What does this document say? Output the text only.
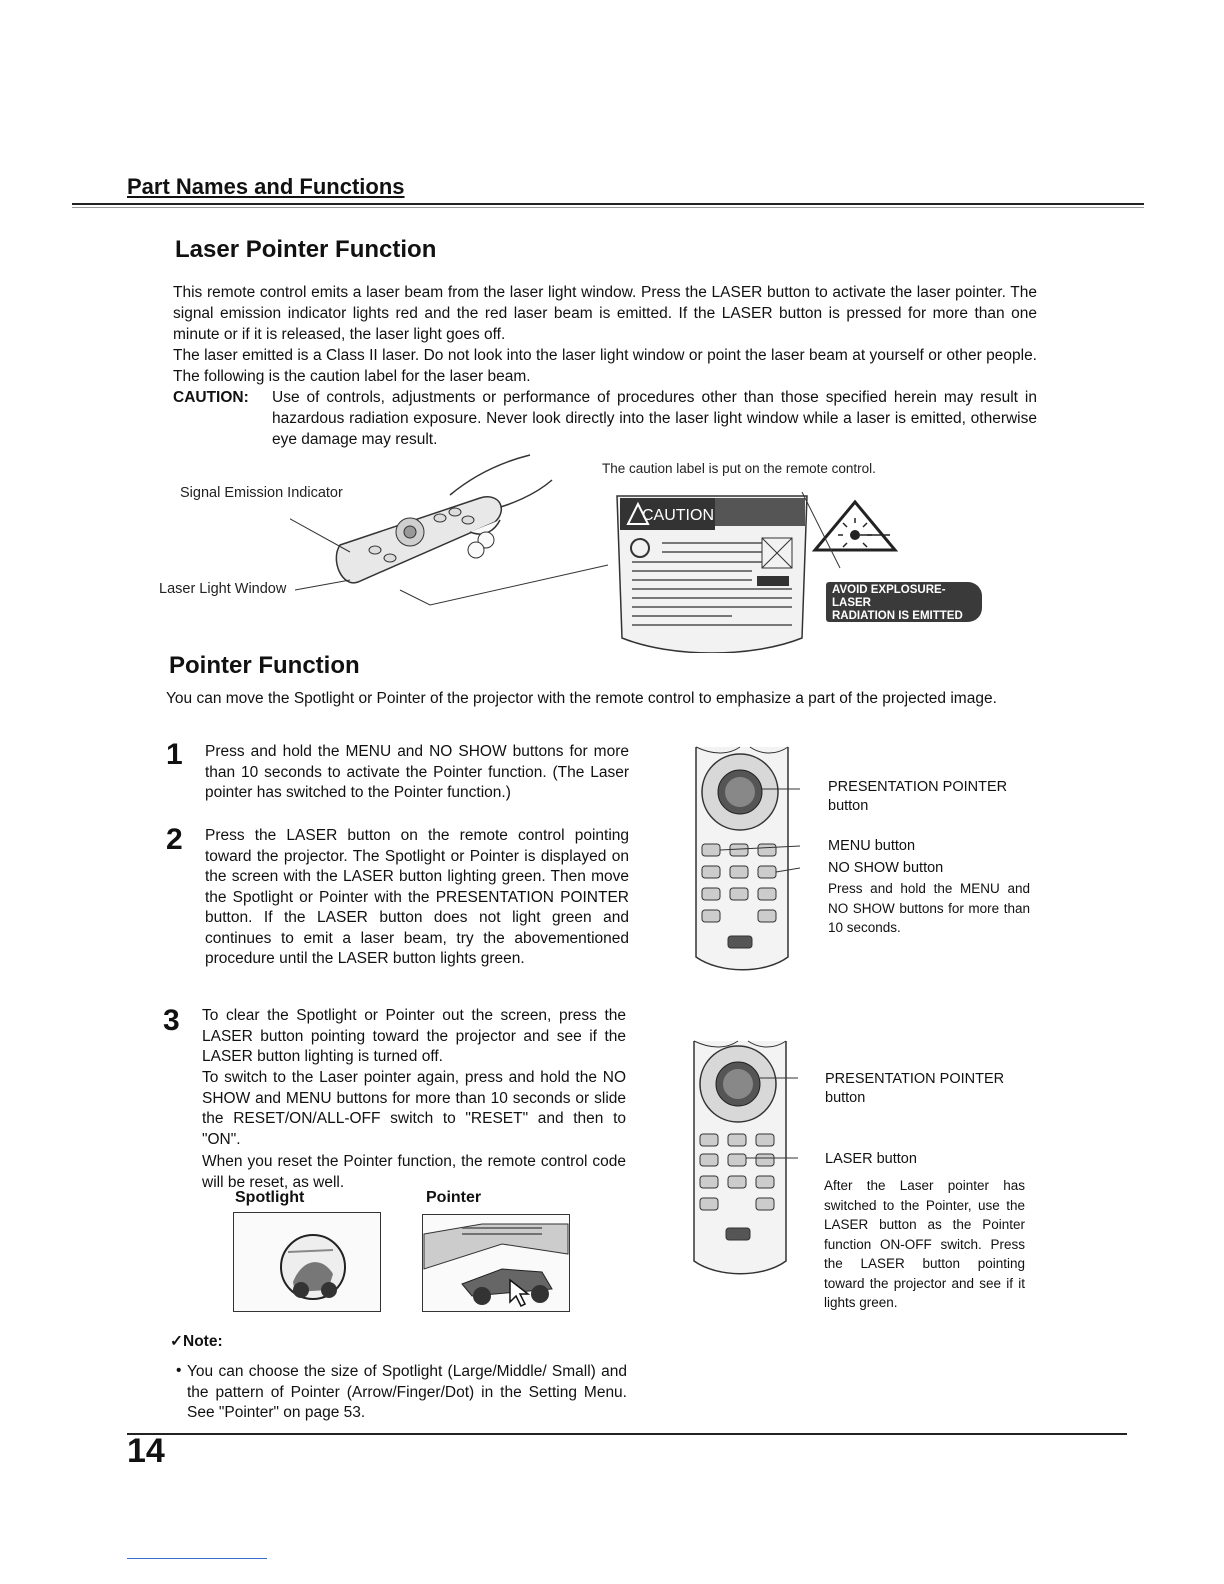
Part Names and Functions
Laser Pointer Function
This remote control emits a laser beam from the laser light window. Press the LASER button to activate the laser pointer. The signal emission indicator lights red and the red laser beam is emitted. If the LASER button is pressed for more than one minute or if it is released, the laser light goes off.
The laser emitted is a Class II laser. Do not look into the laser light window or point the laser beam at yourself or other people. The following is the caution label for the laser beam.
CAUTION: Use of controls, adjustments or performance of procedures other than those specified herein may result in hazardous radiation exposure. Never look directly into the laser light window while a laser is emitted, otherwise eye damage may result.
Signal Emission Indicator
Laser Light Window
The caution label is put on the remote control.
CAUTION
AVOID EXPLOSURE-LASER
RADIATION IS EMITTED
FROM THIS APERTURE
Pointer Function
You can move the Spotlight or Pointer of the projector with the remote control to emphasize a part of the projected image.
1 Press and hold the MENU and NO SHOW buttons for more than 10 seconds to activate the Pointer function. (The Laser pointer has switched to the Pointer function.)
2 Press the LASER button on the remote control pointing toward the projector. The Spotlight or Pointer is displayed on the screen with the LASER button lighting green. Then move the Spotlight or Pointer with the PRESENTATION POINTER button. If the LASER button does not light green and continues to emit a laser beam, try the abovementioned procedure until the LASER button lights green.
3 To clear the Spotlight or Pointer out the screen, press the LASER button pointing toward the projector and see if the LASER button lighting is turned off.
To switch to the Laser pointer again, press and hold the NO SHOW and MENU buttons for more than 10 seconds or slide the RESET/ON/ALL-OFF switch to "RESET" and then to "ON".
When you reset the Pointer function, the remote control code will be reset, as well.
Spotlight	Pointer
PRESENTATION POINTER
button
MENU button
NO SHOW button
Press and hold the MENU and NO SHOW buttons for more than 10 seconds.
PRESENTATION POINTER
button
LASER button
After the Laser pointer has switched to the Pointer, use the LASER button as the Pointer function ON-OFF switch. Press the LASER button pointing toward the projector and see if it lights green.
✓Note:
• You can choose the size of Spotlight (Large/Middle/ Small) and the pattern of Pointer (Arrow/Finger/Dot) in the Setting Menu. See "Pointer" on page 53.
14
